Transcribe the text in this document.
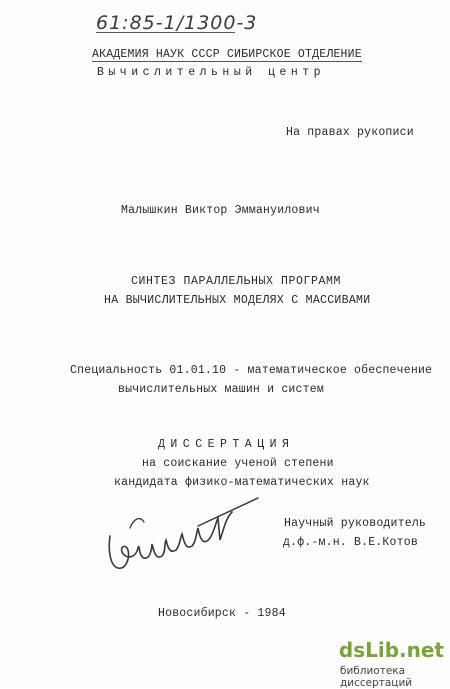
61:85-1/1300-3
АКАДЕМИЯ НАУК СССР СИБИРСКОЕ ОТДЕЛЕНИЕ
Вычислительный центр
На правах рукописи
Малышкин Виктор Эммануилович
СИНТЕЗ ПАРАЛЛЕЛЬНЫХ ПРОГРАММ
НА ВЫЧИСЛИТЕЛЬНЫХ МОДЕЛЯХ С МАССИВАМИ
Специальность 01.01.10 - математическое обеспечение
вычислительных машин и систем
ДИССЕРТАЦИЯ
на соискание ученой степени
кандидата физико-математических наук
Научный руководитель
д.ф.-м.н. В.Е.Котов
Новосибирск - 1984
dsLib.net
библиотека диссертаций
